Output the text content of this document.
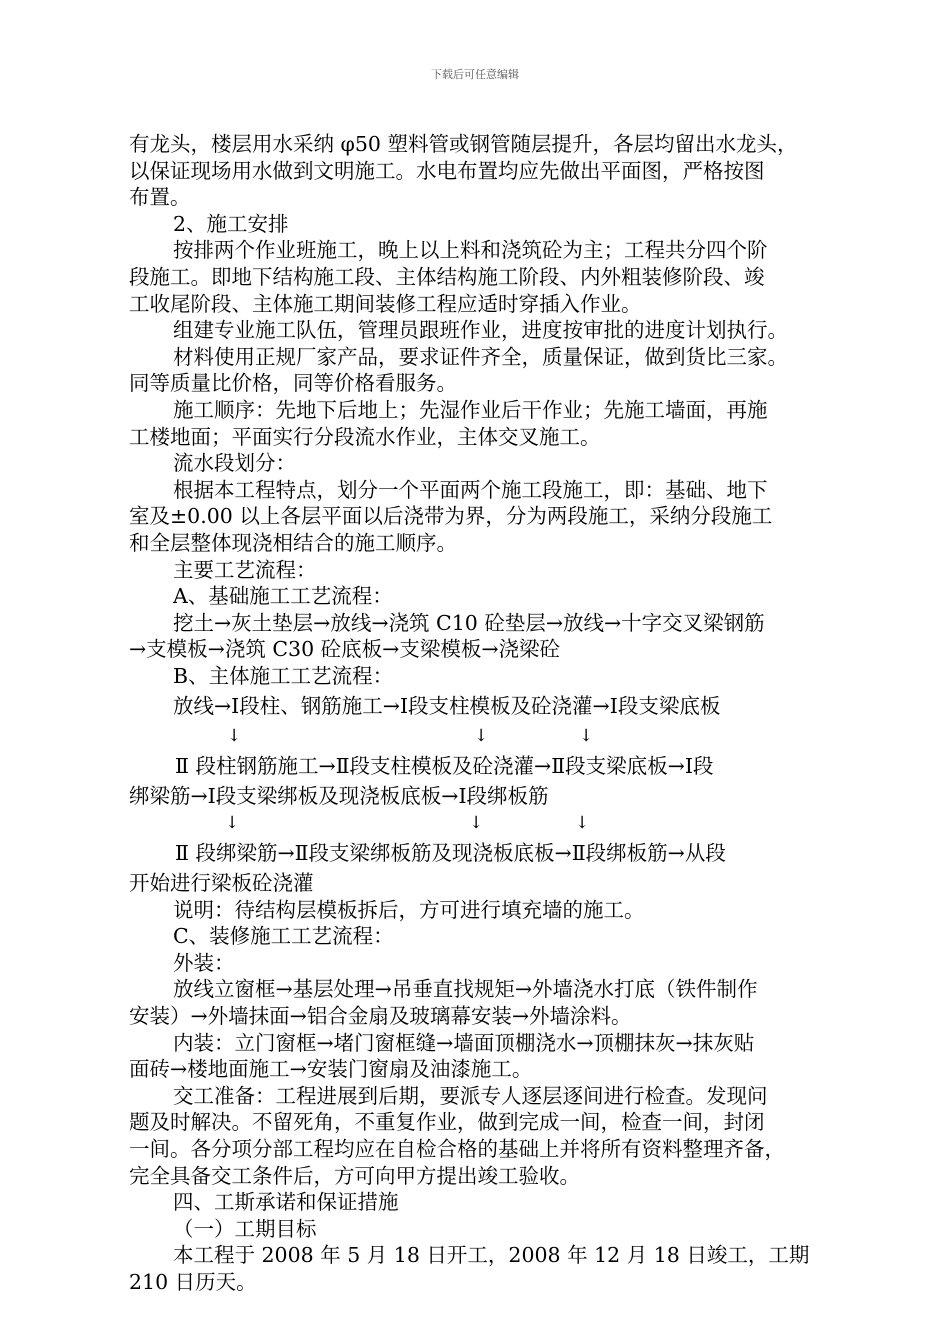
下载后可任意编辑
有龙头，楼层用水采纳 φ50 塑料管或钢管随层提升，各层均留出水龙头，
以保证现场用水做到文明施工。水电布置均应先做出平面图，严格按图
布置。
2、施工安排
按排两个作业班施工，晚上以上料和浇筑砼为主；工程共分四个阶
段施工。即地下结构施工段、主体结构施工阶段、内外粗装修阶段、竣
工收尾阶段、主体施工期间装修工程应适时穿插入作业。
组建专业施工队伍，管理员跟班作业，进度按审批的进度计划执行。
材料使用正规厂家产品，要求证件齐全，质量保证，做到货比三家。
同等质量比价格，同等价格看服务。
施工顺序：先地下后地上；先湿作业后干作业；先施工墙面，再施
工楼地面；平面实行分段流水作业，主体交叉施工。
流水段划分：
根据本工程特点，划分一个平面两个施工段施工，即：基础、地下
室及±0.00 以上各层平面以后浇带为界，分为两段施工，采纳分段施工
和全层整体现浇相结合的施工顺序。
主要工艺流程：
A、基础施工工艺流程：
挖土→灰土垫层→放线→浇筑 C10 砼垫层→放线→十字交叉梁钢筋
→支模板→浇筑 C30 砼底板→支梁模板→浇梁砼
B、主体施工工艺流程：
放线→Ⅰ段柱、钢筋施工→Ⅰ段支柱模板及砼浇灌→Ⅰ段支梁底板
↓	↓	↓
Ⅱ 段柱钢筋施工→Ⅱ段支柱模板及砼浇灌→Ⅱ段支梁底板→Ⅰ段
绑梁筋→Ⅰ段支梁绑板及现浇板底板→Ⅰ段绑板筋
↓	↓	↓
Ⅱ 段绑梁筋→Ⅱ段支梁绑板筋及现浇板底板→Ⅱ段绑板筋→从段
开始进行梁板砼浇灌
说明：待结构层模板拆后，方可进行填充墙的施工。
C、装修施工工艺流程：
外装：
放线立窗框→基层处理→吊垂直找规矩→外墙浇水打底（铁件制作
安装）→外墙抹面→铝合金扇及玻璃幕安装→外墙涂料。
内装：立门窗框→堵门窗框缝→墙面顶棚浇水→顶棚抹灰→抹灰贴
面砖→楼地面施工→安装门窗扇及油漆施工。
交工准备：工程进展到后期，要派专人逐层逐间进行检查。发现问
题及时解决。不留死角，不重复作业，做到完成一间，检查一间，封闭
一间。各分项分部工程均应在自检合格的基础上并将所有资料整理齐备，
完全具备交工条件后，方可向甲方提出竣工验收。
四、工斯承诺和保证措施
（一）工期目标
本工程于 2008 年 5 月 18 日开工，2008 年 12 月 18 日竣工，工期
210 日历天。
